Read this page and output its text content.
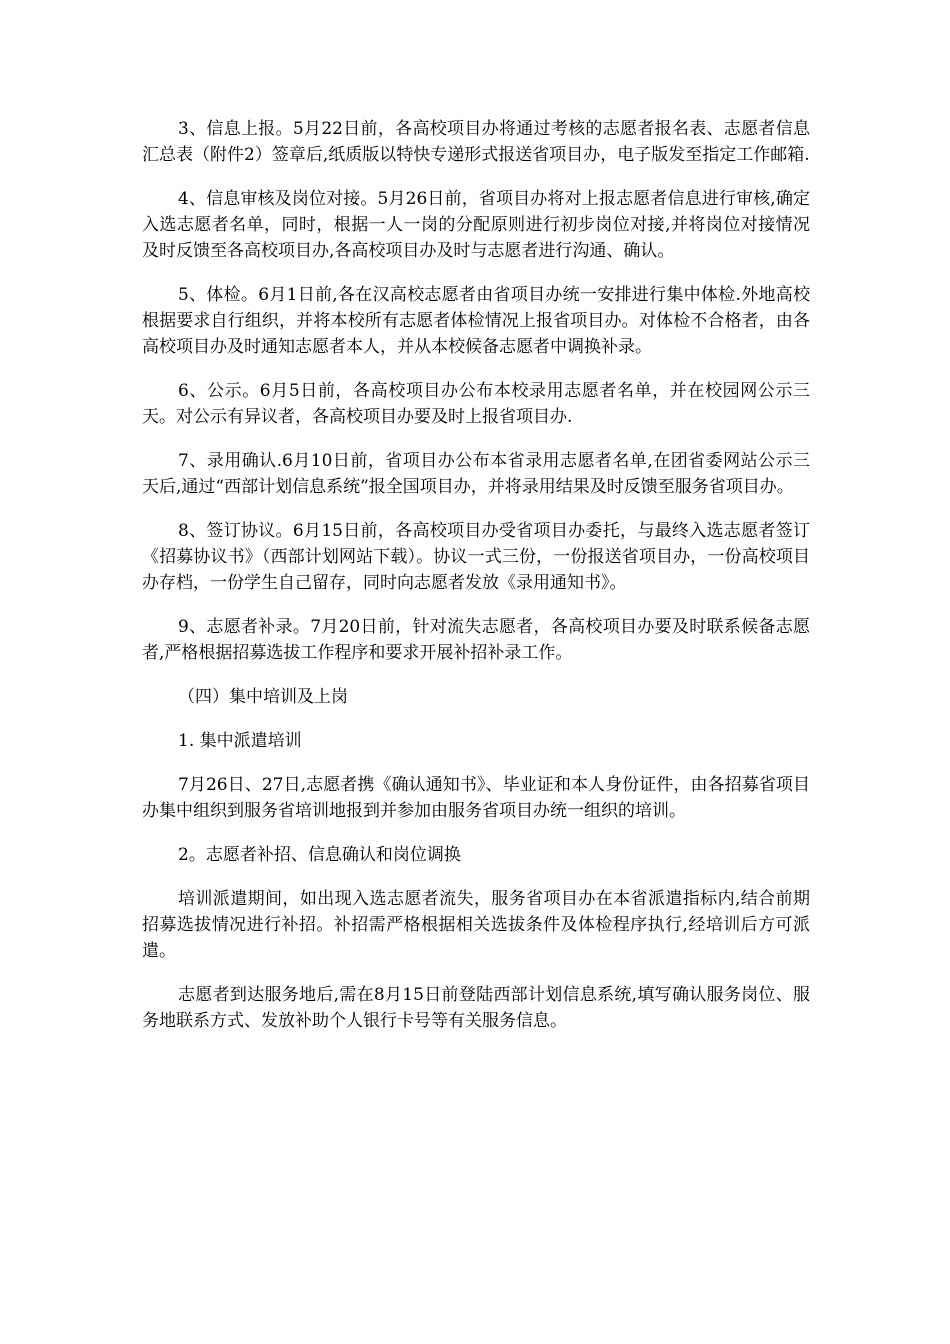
3、信息上报。5月22日前，各高校项目办将通过考核的志愿者报名表、志愿者信息汇总表（附件2）签章后,纸质版以特快专递形式报送省项目办，电子版发至指定工作邮箱.

4、信息审核及岗位对接。5月26日前，省项目办将对上报志愿者信息进行审核,确定入选志愿者名单，同时，根据一人一岗的分配原则进行初步岗位对接,并将岗位对接情况及时反馈至各高校项目办,各高校项目办及时与志愿者进行沟通、确认。

5、体检。6月1日前,各在汉高校志愿者由省项目办统一安排进行集中体检.外地高校根据要求自行组织，并将本校所有志愿者体检情况上报省项目办。对体检不合格者，由各高校项目办及时通知志愿者本人，并从本校候备志愿者中调换补录。

6、公示。6月5日前，各高校项目办公布本校录用志愿者名单，并在校园网公示三天。对公示有异议者，各高校项目办要及时上报省项目办.

7、录用确认.6月10日前，省项目办公布本省录用志愿者名单,在团省委网站公示三天后,通过“西部计划信息系统”报全国项目办，并将录用结果及时反馈至服务省项目办。

8、签订协议。6月15日前，各高校项目办受省项目办委托，与最终入选志愿者签订《招募协议书》（西部计划网站下载）。协议一式三份，一份报送省项目办，一份高校项目办存档，一份学生自己留存，同时向志愿者发放《录用通知书》。

9、志愿者补录。7月20日前，针对流失志愿者，各高校项目办要及时联系候备志愿者,严格根据招募选拔工作程序和要求开展补招补录工作。

（四）集中培训及上岗

1. 集中派遣培训

7月26日、27日,志愿者携《确认通知书》、毕业证和本人身份证件，由各招募省项目办集中组织到服务省培训地报到并参加由服务省项目办统一组织的培训。

2。志愿者补招、信息确认和岗位调换

培训派遣期间，如出现入选志愿者流失，服务省项目办在本省派遣指标内,结合前期招募选拔情况进行补招。补招需严格根据相关选拔条件及体检程序执行,经培训后方可派遣。

志愿者到达服务地后,需在8月15日前登陆西部计划信息系统,填写确认服务岗位、服务地联系方式、发放补助个人银行卡号等有关服务信息。
